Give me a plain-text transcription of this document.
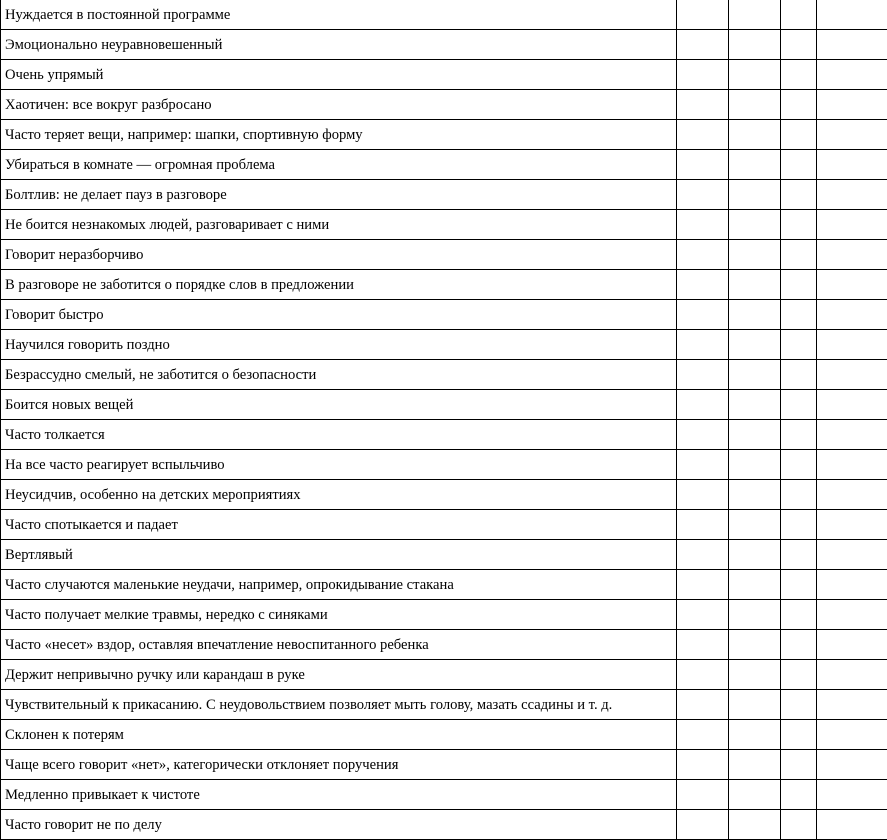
Нуждается в постоянной программе				
Эмоционально неуравновешенный				
Очень упрямый				
Хаотичен: все вокруг разбросано				
Часто теряет вещи, например: шапки, спортивную форму				
Убираться в комнате — огромная проблема				
Болтлив: не делает пауз в разговоре				
Не боится незнакомых людей, разговаривает с ними				
Говорит неразборчиво				
В разговоре не заботится о порядке слов в предложении				
Говорит быстро				
Научился говорить поздно				
Безрассудно смелый, не заботится о безопасности				
Боится новых вещей				
Часто толкается				
На все часто реагирует вспыльчиво				
Неусидчив, особенно на детских мероприятиях				
Часто спотыкается и падает				
Вертлявый				
Часто случаются маленькие неудачи, например, опрокидывание стакана				
Часто получает мелкие травмы, нередко с синяками				
Часто «несет» вздор, оставляя впечатление невоспитанного ребенка				
Держит непривычно ручку или карандаш в руке				
Чувствительный к прикасанию. С неудовольствием позволяет мыть голову, мазать ссадины и т. д.				
Склонен к потерям				
Чаще всего говорит «нет», категорически отклоняет поручения				
Медленно привыкает к чистоте				
Часто говорит не по делу				
